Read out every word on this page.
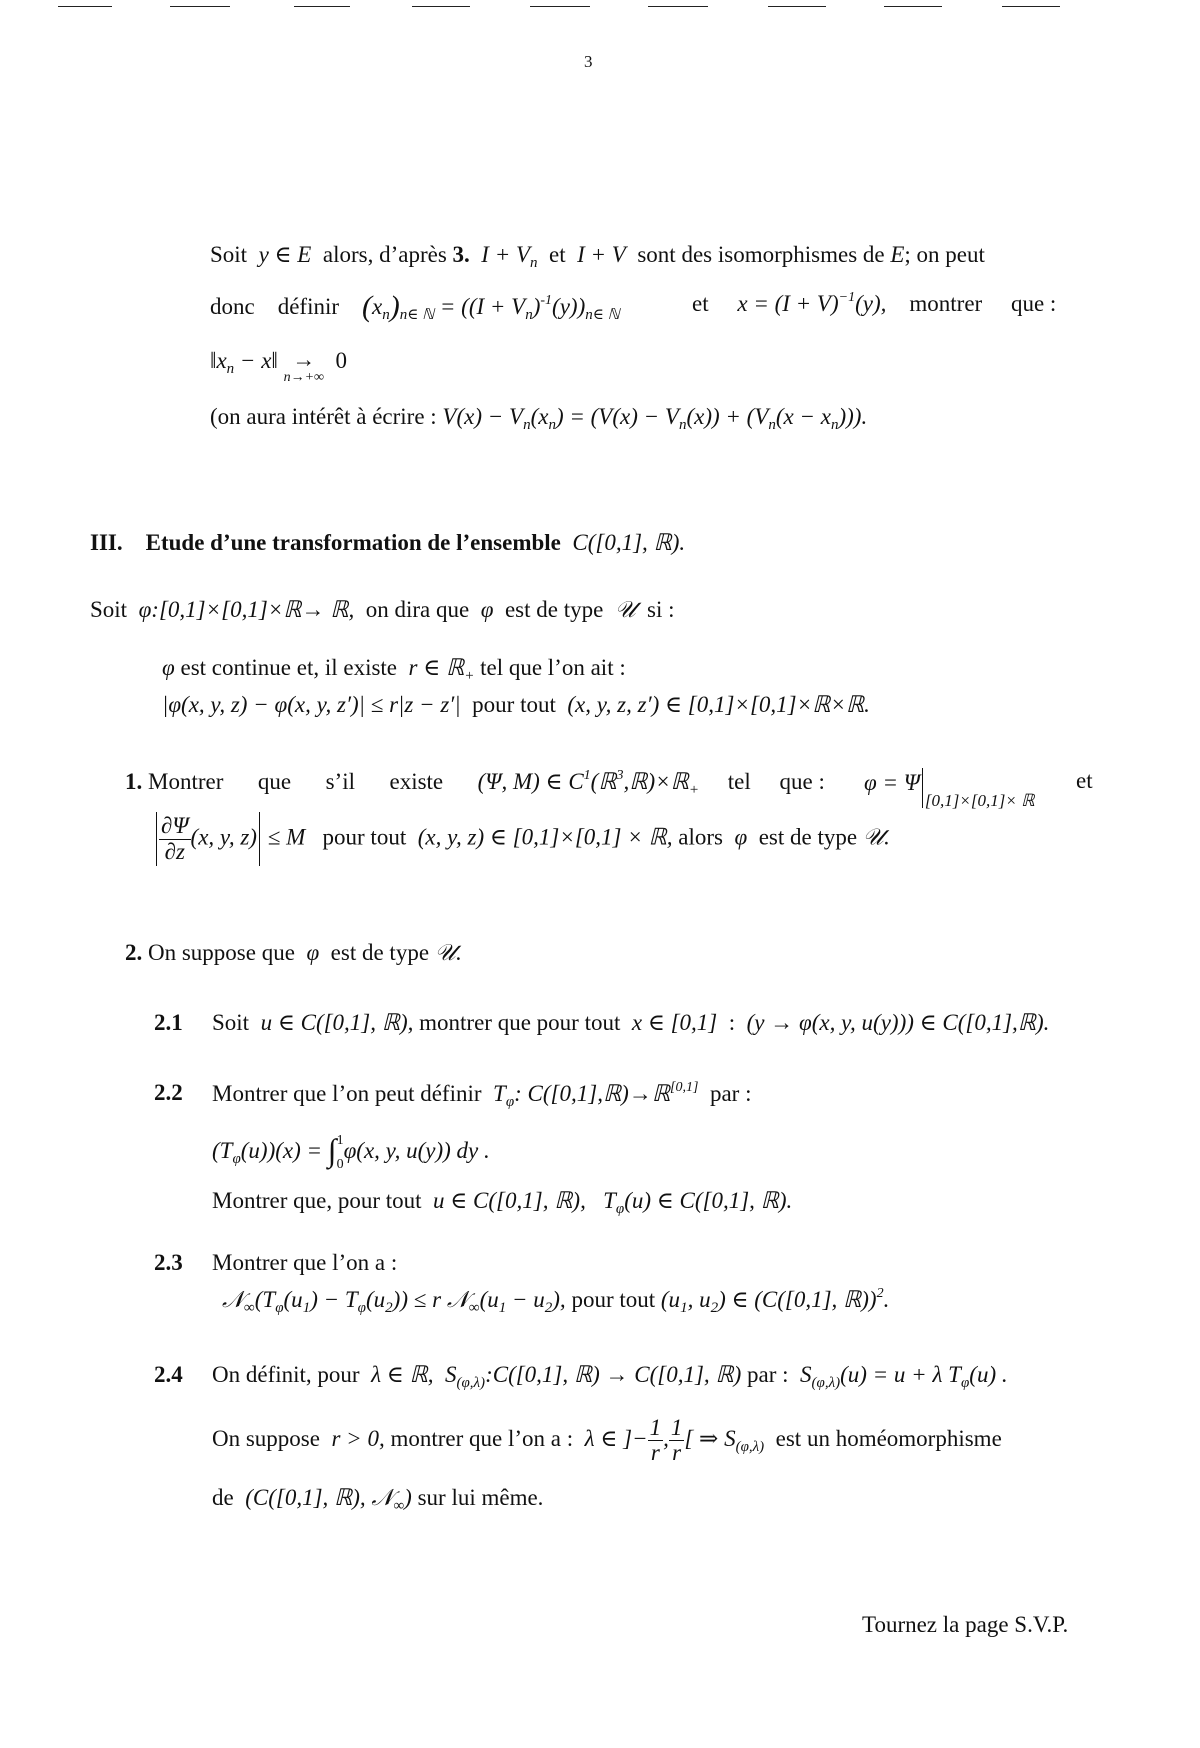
3
Soit y ∈ E alors, d’après 3. $I + V_n$ et I + V sont des isomorphismes de E; on peut
donc définir $(x_n)_{n\in ℕ} = ((I + V_n)^{-1}(y))_{n\in ℕ}$	et $x = (I + V)^{-1}(y)$, montrer que :
$‖x_n$ − x‖ →
n→+∞
0
(on aura intérêt à écrire : $V(x) - V_n(x_n) = (V(x) - V_n(x)) + (V_n(x - x_n))$).
III. Etude d’une transformation de l’ensemble C([0,1], ℝ).
Soit φ:[0,1]×[0,1]×ℝ→ ℝ, on dira que φ est de type 𝒰 si :
φ est continue et, il existe r ∈ ℝ$_+$ tel que l’on ait :
|φ(x, y, z) − φ(x, y, z′)| ≤ r|z − z′| pour tout (x, y, z, z′) ∈ [0,1]×[0,1]×ℝ×ℝ.
1. Montrer que s’il existe (Ψ, M) ∈ $C^1(ℝ^3,ℝ)\times ℝ_+$ tel que : $\varphi = \Psi_{[0,1]\times[0,1]\times ℝ}$
et
$\frac{\partial\Psi}{\partial z} (x$, y, z) ≤ M pour tout (x, y, z) ∈ [0,1]×[0,1] × ℝ, alors φ est de type 𝒰.
2. On suppose que φ est de type 𝒰.
2.1 Soit u ∈ C([0,1], ℝ), montrer que pour tout x ∈ [0,1] : (y → φ(x, y, u(y))) ∈ C([0,1],ℝ).
2.2 Montrer que l’on peut définir $T_\varphi$: C([0,1],ℝ)→ℝ[0,1] par :
$(T_\varphi(u))(x)$ = ∫ 1
0
φ(x, y, u(y)) dy .
Montrer que, pour tout u ∈ C([0,1], ℝ), $T_\varphi(u)$ ∈ C([0,1], ℝ).
2.3 Montrer que l’on a :
$𝒩_\infty(T_\varphi(u_1) - T_\varphi(u_2)) \le r$ $𝒩_\infty(u_1 - u_2)$, pour tout ($u_1$, $u_2$) ∈ (C([0,1], ℝ))$^2$.
2.4 On définit, pour λ ∈ ℝ, $S_{(\varphi,\lambda)}:C([0,1]$, ℝ) → C([0,1], ℝ) par : $S_{(\varphi,\lambda)}(u) = u + \lambda$ $T_\varphi(u)$ .
On suppose r > 0, montrer que l’on a : λ ∈ ]− $\frac{1}{r}$ , $\frac{1}{r}$ [ ⇒ $S_{(\varphi,\lambda)}$ est un homéomorphisme
de (C([0,1], ℝ), 𝒩$_\infty$) sur lui même.
Tournez la page S.V.P.
